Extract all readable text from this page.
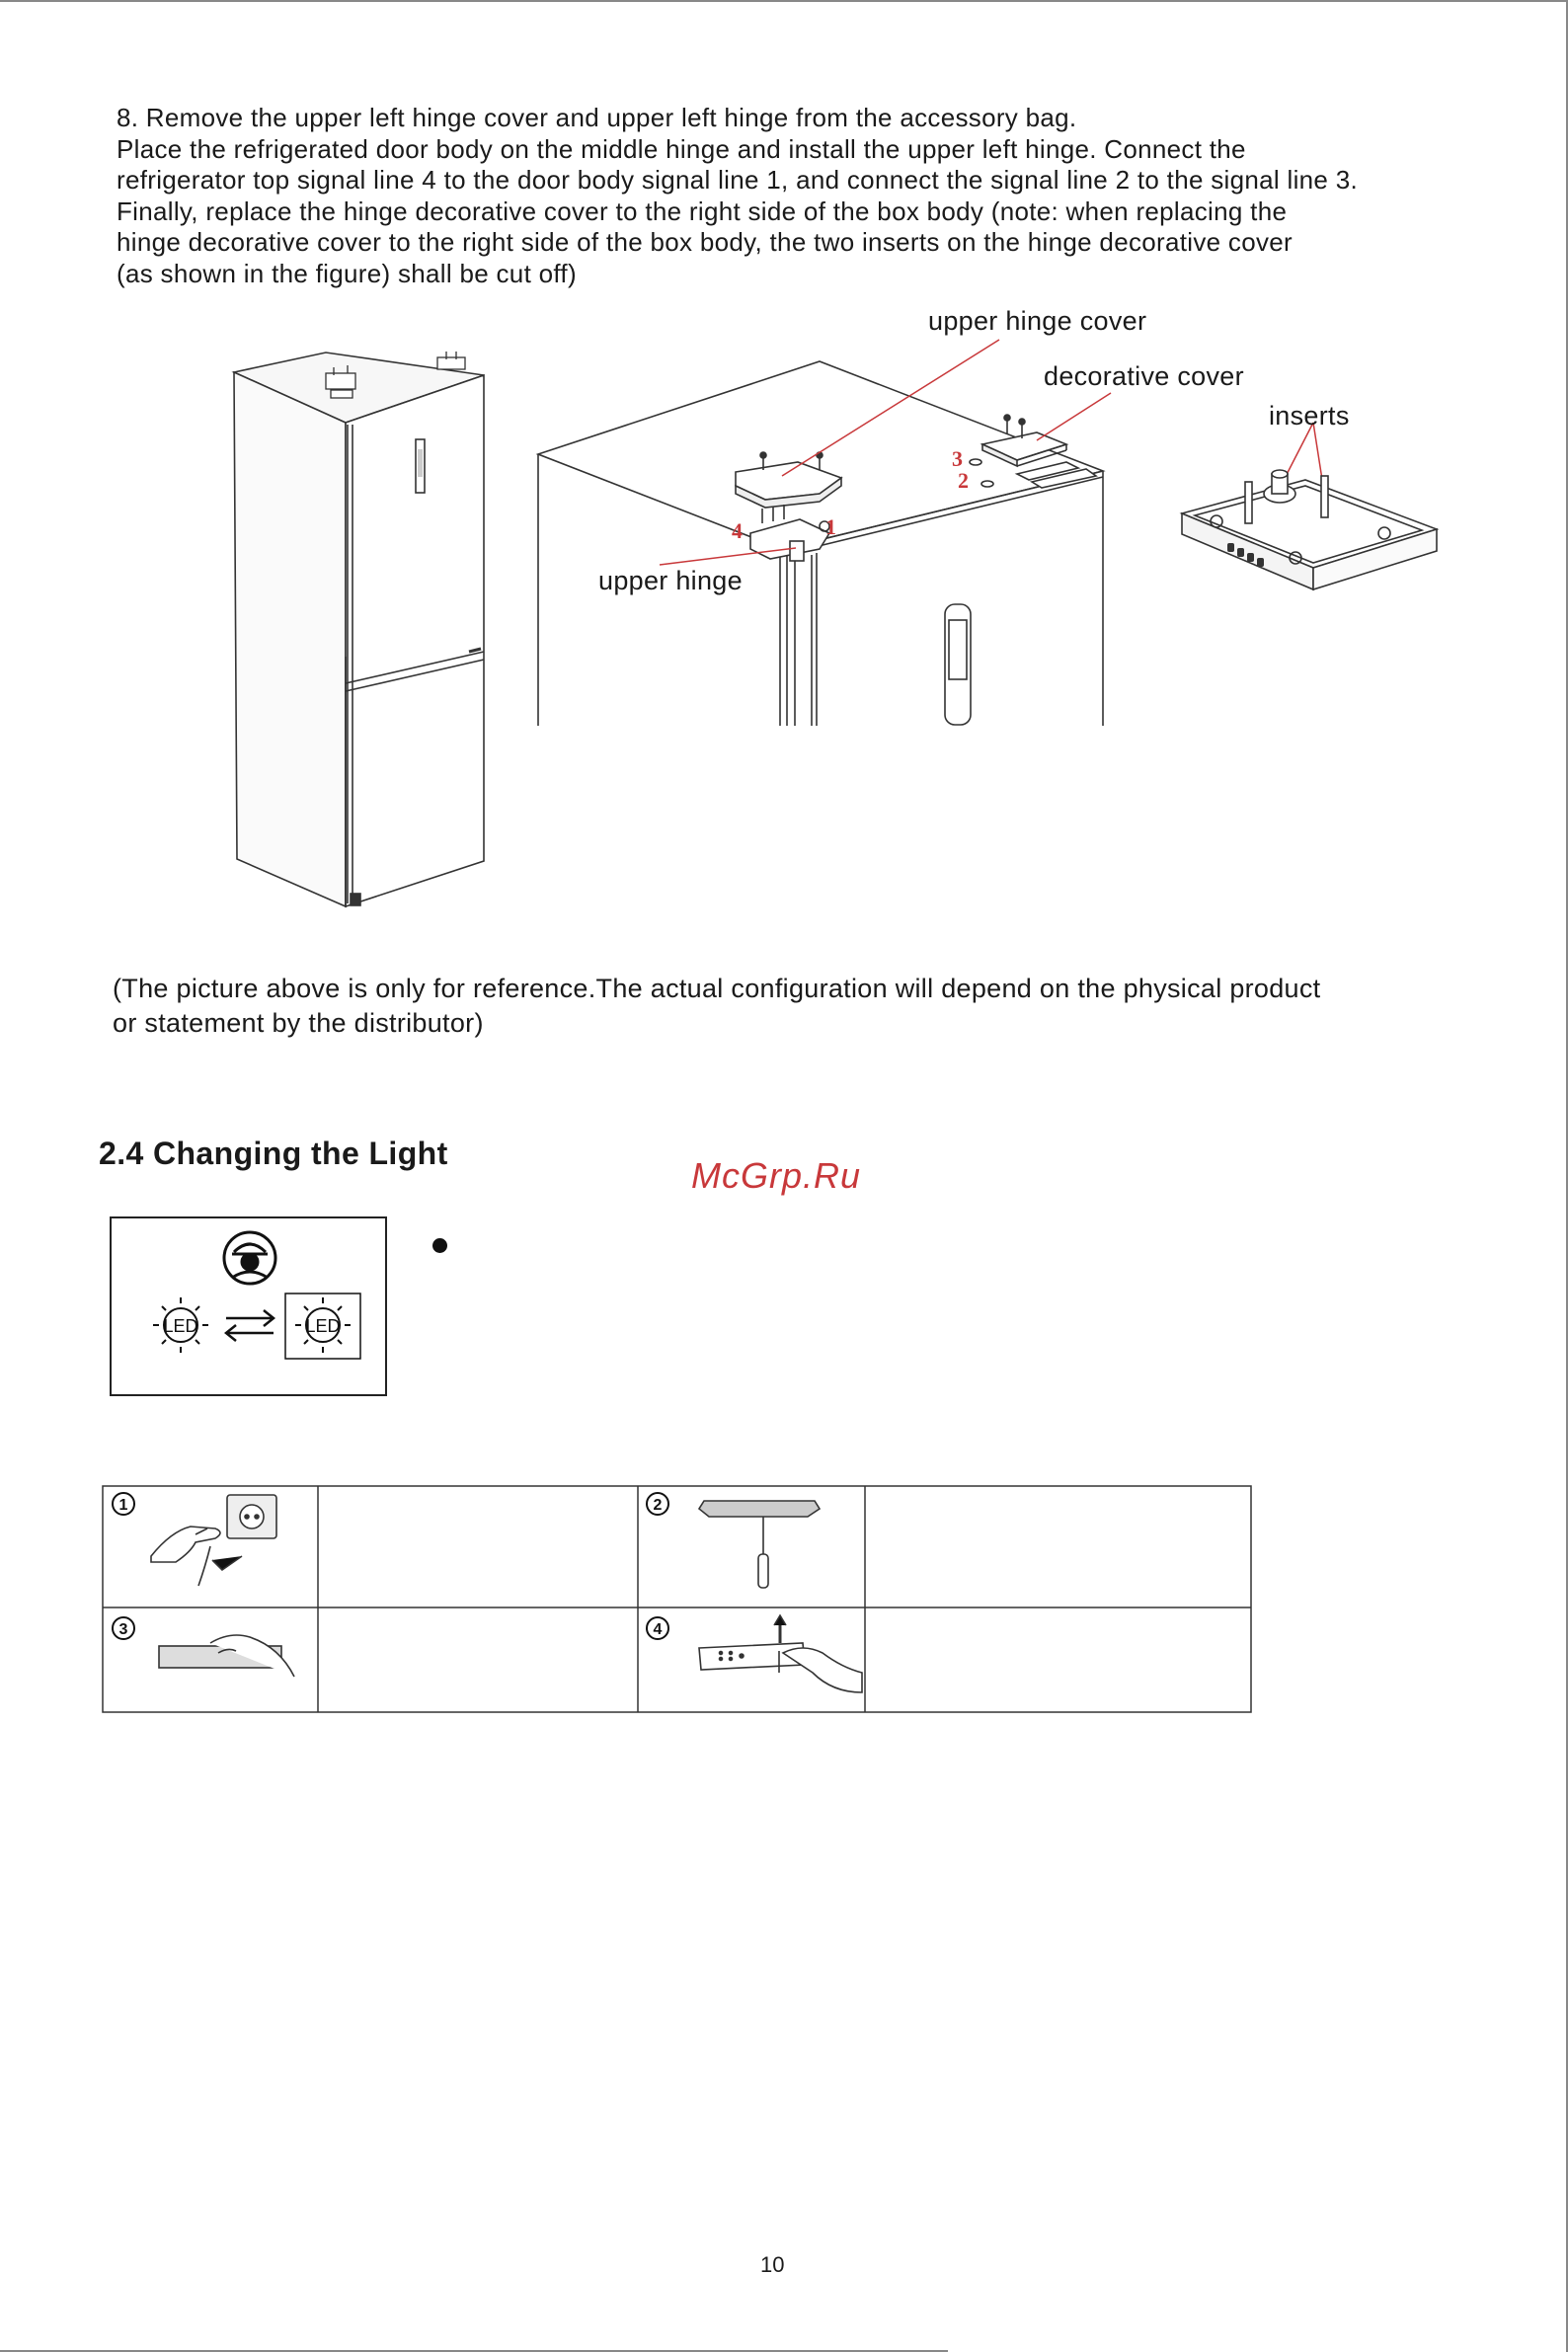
8. Remove the upper left hinge cover and upper left hinge from the accessory bag.

Place the refrigerated door body on the middle hinge and install the upper left hinge. Connect the

refrigerator top signal line 4 to the door body signal line 1, and connect the signal line 2 to the signal line 3.

Finally, replace the hinge decorative cover to the right side of the box body (note: when replacing the

hinge decorative cover to the right side of the box body, the two inserts on the hinge decorative cover

(as shown in the figure) shall be cut off)

4	1
3
2
upper hinge cover
decorative cover
inserts
upper hinge

(The picture above is only for reference.The actual configuration will depend on the physical product

or statement by the distributor)

2.4 Changing the Light
McGrp.Ru
LED	LED
1	2
3	4
10
